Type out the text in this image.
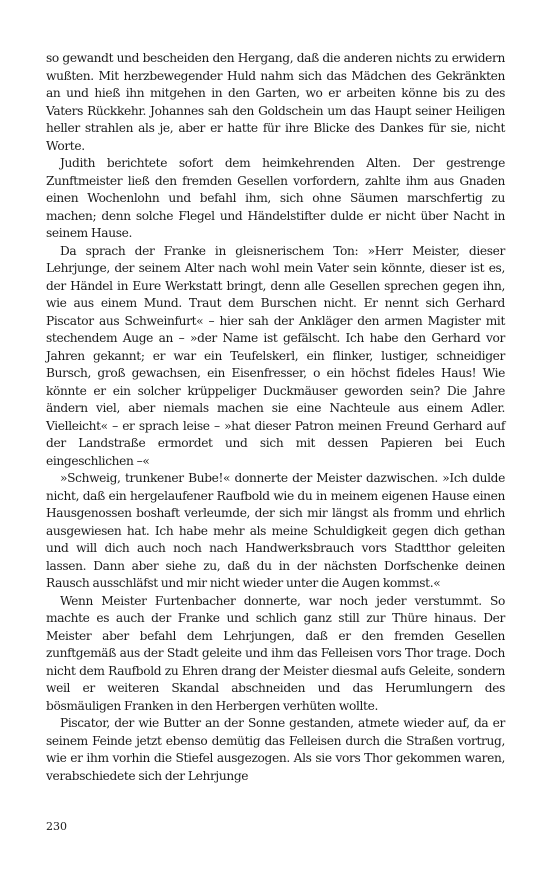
so gewandt und bescheiden den Hergang, daß die anderen nichts zu erwidern wußten. Mit herzbewegender Huld nahm sich das Mädchen des Gekränkten an und hieß ihn mitgehen in den Garten, wo er arbeiten könne bis zu des Vaters Rückkehr. Johannes sah den Goldschein um das Haupt seiner Heiligen heller strahlen als je, aber er hatte für ihre Blicke des Dankes für sie, nicht Worte.

Judith berichtete sofort dem heimkehrenden Alten. Der gestrenge Zunftmeister ließ den fremden Gesellen vorfordern, zahlte ihm aus Gnaden einen Wochenlohn und befahl ihm, sich ohne Säumen marschfertig zu machen; denn solche Flegel und Händelstifter dulde er nicht über Nacht in seinem Hause.

Da sprach der Franke in gleisnerischem Ton: »Herr Meister, dieser Lehrjunge, der seinem Alter nach wohl mein Vater sein könnte, dieser ist es, der Händel in Eure Werkstatt bringt, denn alle Gesellen sprechen gegen ihn, wie aus einem Mund. Traut dem Burschen nicht. Er nennt sich Gerhard Piscator aus Schweinfurt« – hier sah der Ankläger den armen Magister mit stechendem Auge an – »der Name ist gefälscht. Ich habe den Gerhard vor Jahren gekannt; er war ein Teufelskerl, ein flinker, lustiger, schneidiger Bursch, groß gewachsen, ein Eisenfresser, o ein höchst fideles Haus! Wie könnte er ein solcher krüppeliger Duckmäuser geworden sein? Die Jahre ändern viel, aber niemals machen sie eine Nachteule aus einem Adler. Vielleicht« – er sprach leise – »hat dieser Patron meinen Freund Gerhard auf der Landstraße ermordet und sich mit dessen Papieren bei Euch eingeschlichen –«

»Schweig, trunkener Bube!« donnerte der Meister dazwischen. »Ich dulde nicht, daß ein hergelaufener Raufbold wie du in meinem eigenen Hause einen Hausgenossen boshaft verleumde, der sich mir längst als fromm und ehrlich ausgewiesen hat. Ich habe mehr als meine Schuldigkeit gegen dich gethan und will dich auch noch nach Handwerksbrauch vors Stadtthor geleiten lassen. Dann aber siehe zu, daß du in der nächsten Dorfschenke deinen Rausch ausschläfst und mir nicht wieder unter die Augen kommst.«

Wenn Meister Furtenbacher donnerte, war noch jeder verstummt. So machte es auch der Franke und schlich ganz still zur Thüre hinaus. Der Meister aber befahl dem Lehrjungen, daß er den fremden Gesellen zunftgemäß aus der Stadt geleite und ihm das Felleisen vors Thor trage. Doch nicht dem Raufbold zu Ehren drang der Meister diesmal aufs Geleite, sondern weil er weiteren Skandal abschneiden und das Herumlungern des bösmäuligen Franken in den Herbergen verhüten wollte.

Piscator, der wie Butter an der Sonne gestanden, atmete wieder auf, da er seinem Feinde jetzt ebenso demütig das Felleisen durch die Straßen vortrug, wie er ihm vorhin die Stiefel ausgezogen. Als sie vors Thor gekommen waren, verabschiedete sich der Lehrjunge

230
